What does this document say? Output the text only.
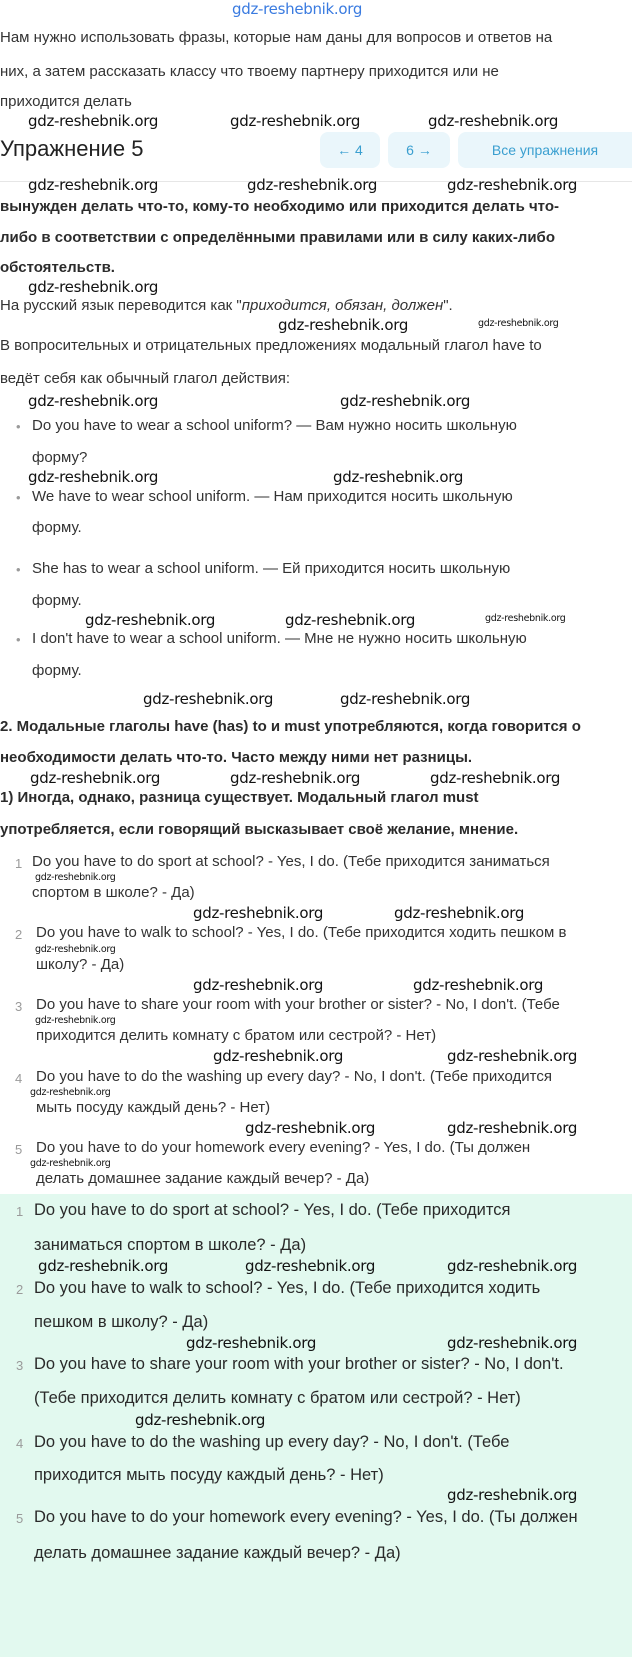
Упражнение 5	← 4	6 →	Все упражнения
На русский язык переводится как "приходится, обязан, должен".
Нам нужно использовать фразы, которые нам даны для вопросов и ответов на
них, а затем рассказать классу что твоему партнеру приходится или не
приходится делать
вынужден делать что-то, кому-то необходимо или приходится делать что-
либо в соответствии с определёнными правилами или в силу каких-либо
обстоятельств.
В вопросительных и отрицательных предложениях модальный глагол have to
ведёт себя как обычный глагол действия:
• Do you have to wear a school uniform? — Вам нужно носить школьную
форму?
• We have to wear school uniform. — Нам приходится носить школьную
форму.
• She has to wear a school uniform. — Ей приходится носить школьную
форму.
• I don't have to wear a school uniform. — Мне не нужно носить школьную
форму.
2. Модальные глаголы have (has) to и must употребляются, когда говорится о
необходимости делать что-то. Часто между ними нет разницы.
1) Иногда, однако, разница существует. Модальный глагол must
употребляется, если говорящий высказывает своё желание, мнение.
1 Do you have to do sport at school? - Yes, I do. (Тебе приходится заниматься
спортом в школе? - Да)
2 Do you have to walk to school? - Yes, I do. (Тебе приходится ходить пешком в
школу? - Да)
3 Do you have to share your room with your brother or sister? - No, I don't. (Тебе
приходится делить комнату с братом или сестрой? - Нет)
4 Do you have to do the washing up every day? - No, I don't. (Тебе приходится
мыть посуду каждый день? - Нет)
5 Do you have to do your homework every evening? - Yes, I do. (Ты должен
делать домашнее задание каждый вечер? - Да)
1 Do you have to do sport at school? - Yes, I do. (Тебе приходится
заниматься спортом в школе? - Да)
2 Do you have to walk to school? - Yes, I do. (Тебе приходится ходить
пешком в школу? - Да)
3 Do you have to share your room with your brother or sister? - No, I don't.
(Тебе приходится делить комнату с братом или сестрой? - Нет)
4 Do you have to do the washing up every day? - No, I don't. (Тебе
приходится мыть посуду каждый день? - Нет)
5 Do you have to do your homework every evening? - Yes, I do. (Ты должен
делать домашнее задание каждый вечер? - Да)
gdz-reshebnik.org
gdz-reshebnik.org	gdz-reshebnik.org	gdz-reshebnik.org
gdz-reshebnik.org	gdz-reshebnik.org	gdz-reshebnik.org
gdz-reshebnik.org
gdz-reshebnik.org	gdz-reshebnik.org
gdz-reshebnik.org	gdz-reshebnik.org
gdz-reshebnik.org	gdz-reshebnik.org
gdz-reshebnik.org	gdz-reshebnik.org	gdz-reshebnik.org
gdz-reshebnik.org	gdz-reshebnik.org
gdz-reshebnik.org	gdz-reshebnik.org	gdz-reshebnik.org
gdz-reshebnik.org
gdz-reshebnik.org	gdz-reshebnik.org
gdz-reshebnik.org
gdz-reshebnik.org	gdz-reshebnik.org
gdz-reshebnik.org
gdz-reshebnik.org	gdz-reshebnik.org
gdz-reshebnik.org
gdz-reshebnik.org
gdz-reshebnik.org	gdz-reshebnik.org
gdz-reshebnik.org	gdz-reshebnik.org	gdz-reshebnik.org
gdz-reshebnik.org	gdz-reshebnik.org
gdz-reshebnik.org
gdz-reshebnik.org
